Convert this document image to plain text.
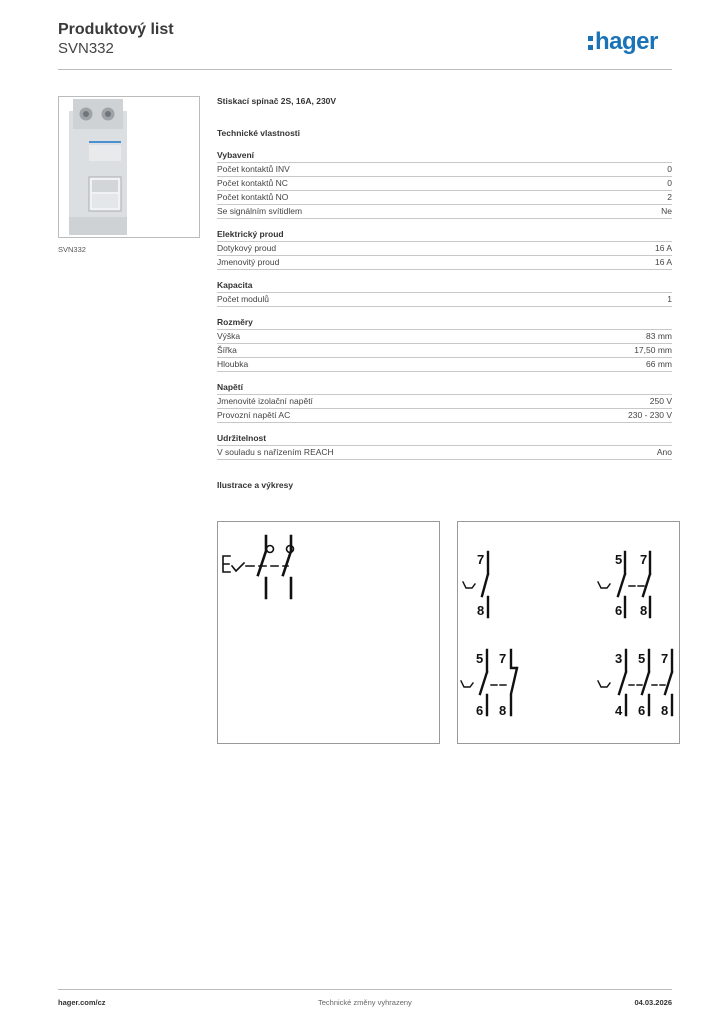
Produktový list
SVN332	hager
SVN332
Stiskací spínač 2S, 16A, 230V
Technické vlastnosti
Vybavení
Počet kontaktů INV	0
Počet kontaktů NC	0
Počet kontaktů NO	2
Se signálním svítidlem	Ne
Elektrický proud
Dotykový proud	16 A
Jmenovitý proud	16 A
Kapacita
Počet modulů	1
Rozměry
Výška	83 mm
Šířka	17,50 mm
Hloubka	66 mm
Napětí
Jmenovité izolační napětí	250 V
Provozní napětí AC	230 - 230 V
Udržitelnost
V souladu s nařízením REACH	Ano
Ilustrace a výkresy
7
8
5 7
6 8
5 7
6 8
3 5 7
4 6 8
hager.com/cz	Technické změny vyhrazeny	04.03.2026
